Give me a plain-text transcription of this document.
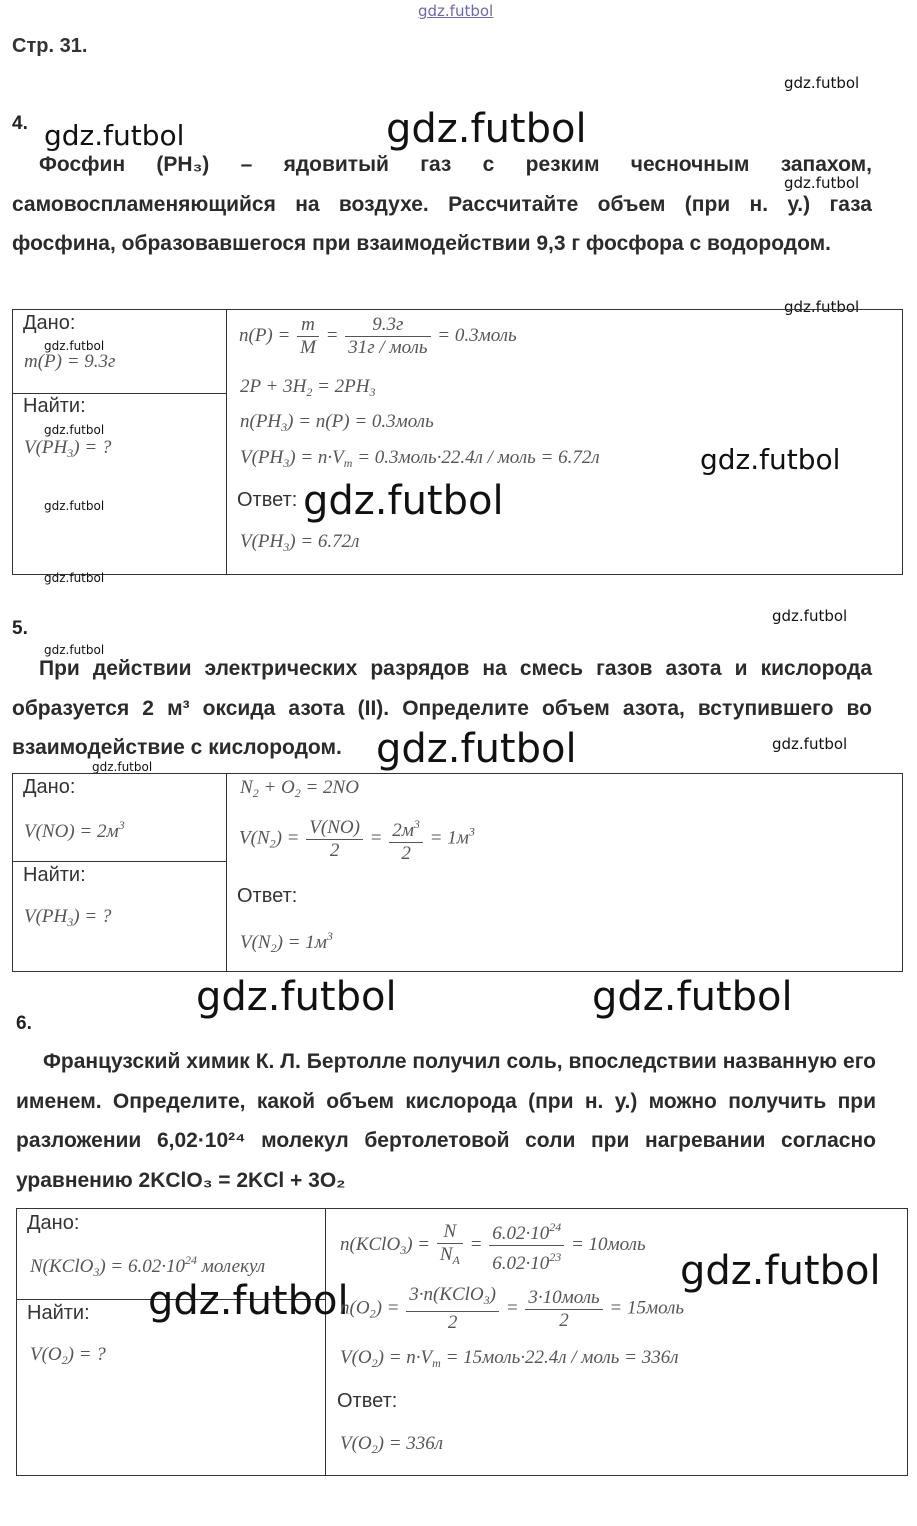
gdz.futbol
Стр. 31.
gdz.futbol
4. gdz.futbol	gdz.futbol

Фосфин (PH₃) – ядовитый газ с резким чесночным запахом, самовоспламеняющийся на воздухе. Рассчитайте объем (при н. у.) газа фосфина, образовавшегося при взаимодействии 9,3 г фосфора с водородом.

gdz.futbol
gdz.futbol
Дано:
gdz.futbol
m(P) = 9.3г
Найти:
gdz.futbol
$V(PH_3)$ = ?
gdz.futbol
gdz.futbol
$n(P) = \frac{m}{M} = \frac{9.3г}{\text{31г / моль}}$ = 0.3моль
$2P + 3H_2 = 2PH_3$
$n(PH_3) = n(P)$ = 0.3моль
$V(PH_3) = n\cdot V_m$ = 0.3моль·22.4л / моль = 6.72л	gdz.futbol
Ответ: gdz.futbol
$V(PH_3) = 6.72л$
5.
gdz.futbol
gdz.futbol

При действии электрических разрядов на смесь газов азота и кислорода образуется 2 м³ оксида азота (II). Определите объем азота, вступившего во взаимодействие с кислородом. gdz.futbol	gdz.futbol
gdz.futbol
Дано:
$V(NO) = 2м^3$
Найти:
$V(PH_3)$ = ?
$N_2 + O_2 = 2NO$
$V(N_2) = \frac{V(NO)}{2} = \frac{2м^3}{2} = 1м^3$
Ответ:
$V(N_2) = 1м^3$
gdz.futbol	gdz.futbol
6.

Французский химик К. Л. Бертолле получил соль, впоследствии названную его именем. Определите, какой объем кислорода (при н. у.) можно получить при разложении 6,02·10²⁴ молекул бертолетовой соли при нагревании согласно уравнению 2KClO₃ = 2KCl + 3O₂

Дано:
N(KClO$_3$) = $6.02\cdot 10^{24}$ молекул
Найти:
$V(O_2)$ = ?
gdz.futbol
n(KClO$_3$) = $\frac{N}{N_A} = \frac{6.02\cdot 10^{24}}{6.02\cdot 10^{23}}$ = 10моль
gdz.futbol
$n(O_2) = \frac{3\cdot n(KClO_3)}{2} = \frac{\text{3·10моль}}{2}$ = 15моль
$V(O_2) = n\cdot V_m$ = 15моль·22.4л / моль = 336л
Ответ:
$V(O_2) = 336л$
